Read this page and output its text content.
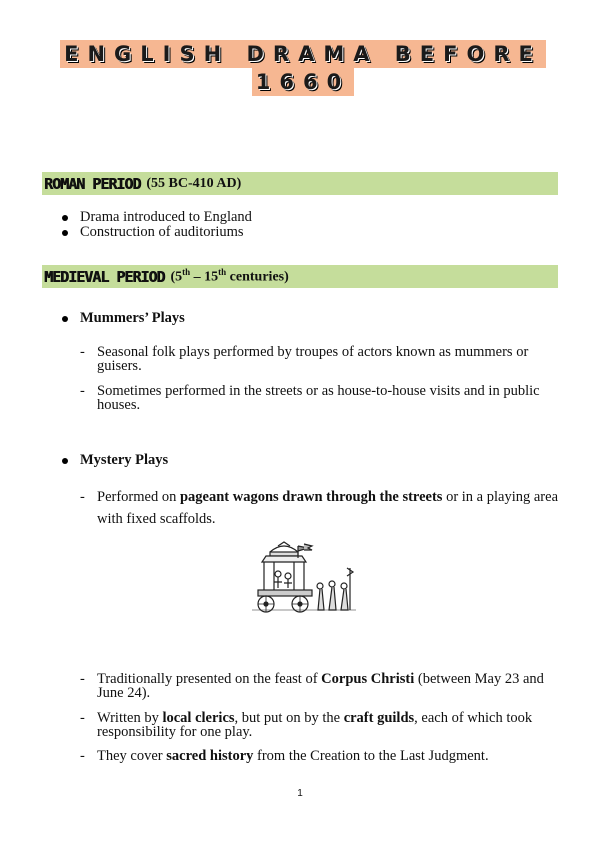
ENGLISH DRAMA BEFORE
1660
ROMAN PERIOD (55 BC-410 AD)
Drama introduced to England
Construction of auditoriums
MEDIEVAL PERIOD (5th – 15th centuries)
Mummers’ Plays
- Seasonal folk plays performed by troupes of actors known as mummers or guisers.
- Sometimes performed in the streets or as house-to-house visits and in public houses.
Mystery Plays
- Performed on pageant wagons drawn through the streets or in a playing area with fixed scaffolds.
- Traditionally presented on the feast of Corpus Christi (between May 23 and June 24).
- Written by local clerics, but put on by the craft guilds, each of which took responsibility for one play.
- They cover sacred history from the Creation to the Last Judgment.
1
